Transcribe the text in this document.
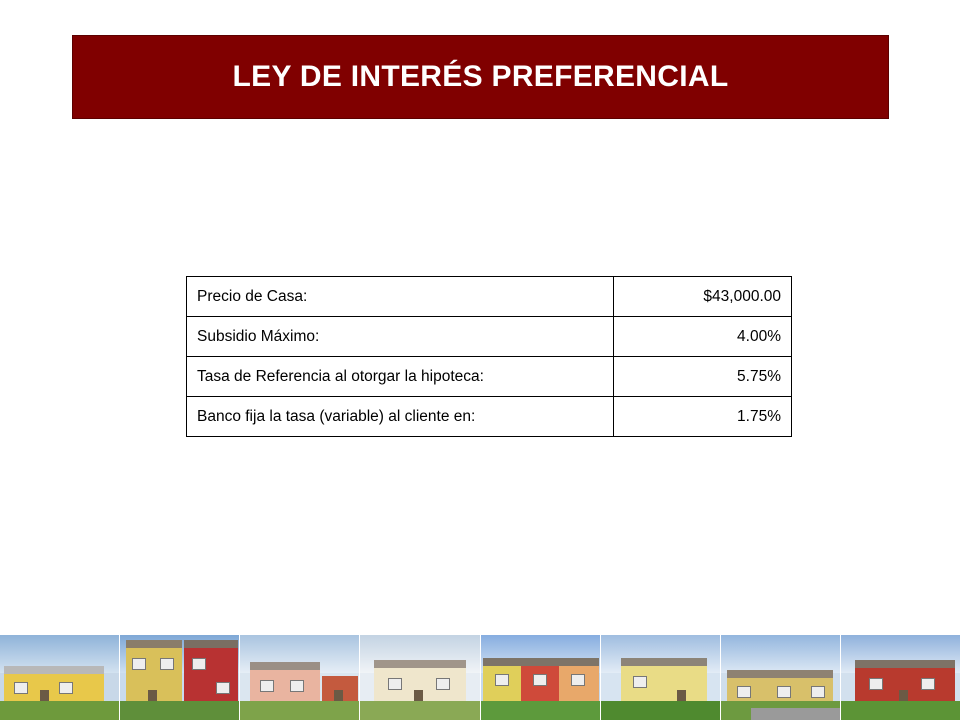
LEY DE INTERÉS PREFERENCIAL
Precio de Casa:	$43,000.00
Subsidio Máximo:	4.00%
Tasa de Referencia al otorgar la hipoteca:	5.75%
Banco fija la tasa (variable) al cliente en:	1.75%
